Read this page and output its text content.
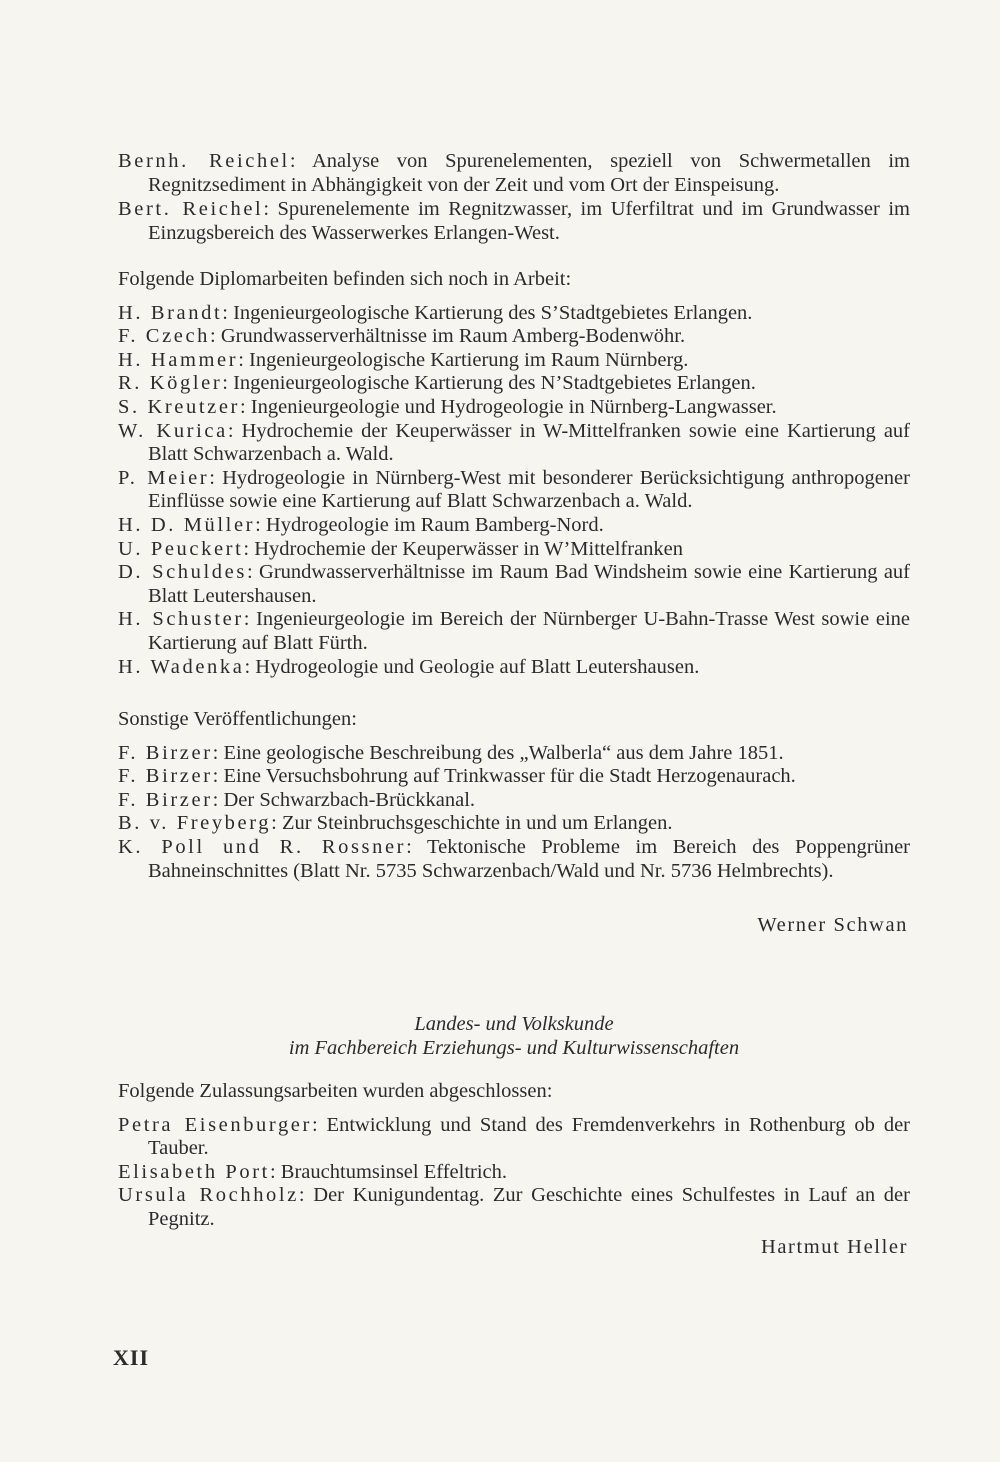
Bernh. Reichel: Analyse von Spurenelementen, speziell von Schwermetallen im Regnitzsediment in Abhängigkeit von der Zeit und vom Ort der Einspeisung.

Bert. Reichel: Spurenelemente im Regnitzwasser, im Uferfiltrat und im Grundwasser im Einzugsbereich des Wasserwerkes Erlangen-West.

Folgende Diplomarbeiten befinden sich noch in Arbeit:

H. Brandt: Ingenieurgeologische Kartierung des S’Stadtgebietes Erlangen.

F. Czech: Grundwasserverhältnisse im Raum Amberg-Bodenwöhr.

H. Hammer: Ingenieurgeologische Kartierung im Raum Nürnberg.

R. Kögler: Ingenieurgeologische Kartierung des N’Stadtgebietes Erlangen.

S. Kreutzer: Ingenieurgeologie und Hydrogeologie in Nürnberg-Langwasser.

W. Kurica: Hydrochemie der Keuperwässer in W-Mittelfranken sowie eine Kartierung auf Blatt Schwarzenbach a. Wald.

P. Meier: Hydrogeologie in Nürnberg-West mit besonderer Berücksichtigung anthropogener Einflüsse sowie eine Kartierung auf Blatt Schwarzenbach a. Wald.

H. D. Müller: Hydrogeologie im Raum Bamberg-Nord.

U. Peuckert: Hydrochemie der Keuperwässer in W’Mittelfranken

D. Schuldes: Grundwasserverhältnisse im Raum Bad Windsheim sowie eine Kartierung auf Blatt Leutershausen.

H. Schuster: Ingenieurgeologie im Bereich der Nürnberger U-Bahn-Trasse West sowie eine Kartierung auf Blatt Fürth.

H. Wadenka: Hydrogeologie und Geologie auf Blatt Leutershausen.

Sonstige Veröffentlichungen:

F. Birzer: Eine geologische Beschreibung des „Walberla“ aus dem Jahre 1851.

F. Birzer: Eine Versuchsbohrung auf Trinkwasser für die Stadt Herzogenaurach.

F. Birzer: Der Schwarzbach-Brückkanal.

B. v. Freyberg: Zur Steinbruchsgeschichte in und um Erlangen.

K. Poll und R. Rossner: Tektonische Probleme im Bereich des Poppengrüner Bahneinschnittes (Blatt Nr. 5735 Schwarzenbach/Wald und Nr. 5736 Helmbrechts).

Werner Schwan
Landes- und Volkskunde
im Fachbereich Erziehungs- und Kulturwissenschaften

Folgende Zulassungsarbeiten wurden abgeschlossen:

Petra Eisenburger: Entwicklung und Stand des Fremdenverkehrs in Rothenburg ob der Tauber.

Elisabeth Port: Brauchtumsinsel Effeltrich.

Ursula Rochholz: Der Kunigundentag. Zur Geschichte eines Schulfestes in Lauf an der Pegnitz.

Hartmut Heller
XII
